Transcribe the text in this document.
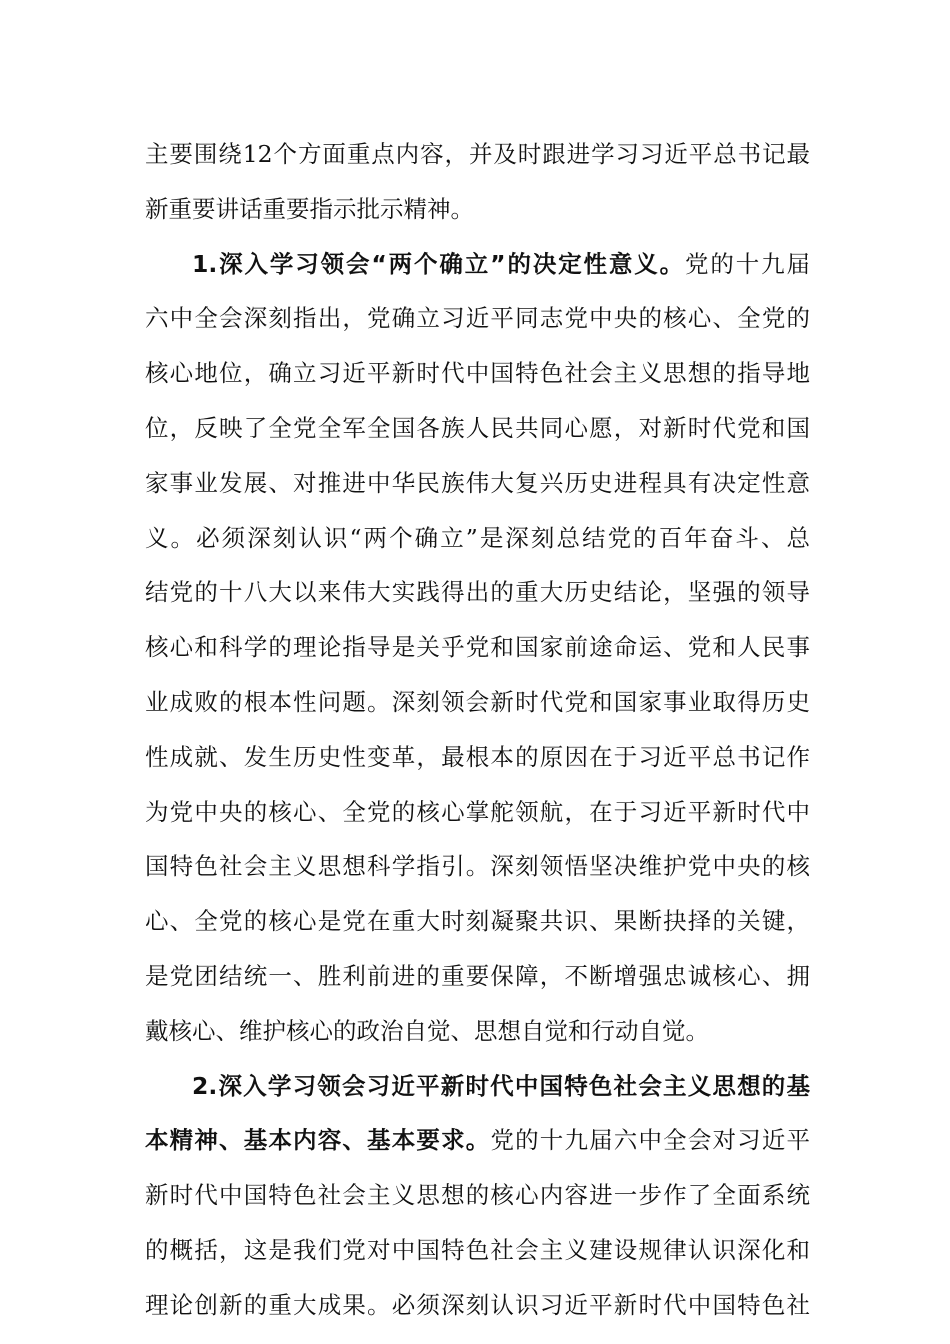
主要围绕12个方面重点内容，并及时跟进学习习近平总书记最
新重要讲话重要指示批示精神。
1.深入学习领会“两个确立”的决定性意义。党的十九届
六中全会深刻指出，党确立习近平同志党中央的核心、全党的
核心地位，确立习近平新时代中国特色社会主义思想的指导地
位，反映了全党全军全国各族人民共同心愿，对新时代党和国
家事业发展、对推进中华民族伟大复兴历史进程具有决定性意
义。必须深刻认识“两个确立”是深刻总结党的百年奋斗、总
结党的十八大以来伟大实践得出的重大历史结论，坚强的领导
核心和科学的理论指导是关乎党和国家前途命运、党和人民事
业成败的根本性问题。深刻领会新时代党和国家事业取得历史
性成就、发生历史性变革，最根本的原因在于习近平总书记作
为党中央的核心、全党的核心掌舵领航，在于习近平新时代中
国特色社会主义思想科学指引。深刻领悟坚决维护党中央的核
心、全党的核心是党在重大时刻凝聚共识、果断抉择的关键，
是党团结统一、胜利前进的重要保障，不断增强忠诚核心、拥
戴核心、维护核心的政治自觉、思想自觉和行动自觉。
2.深入学习领会习近平新时代中国特色社会主义思想的基
本精神、基本内容、基本要求。党的十九届六中全会对习近平
新时代中国特色社会主义思想的核心内容进一步作了全面系统
的概括，这是我们党对中国特色社会主义建设规律认识深化和
理论创新的重大成果。必须深刻认识习近平新时代中国特色社
